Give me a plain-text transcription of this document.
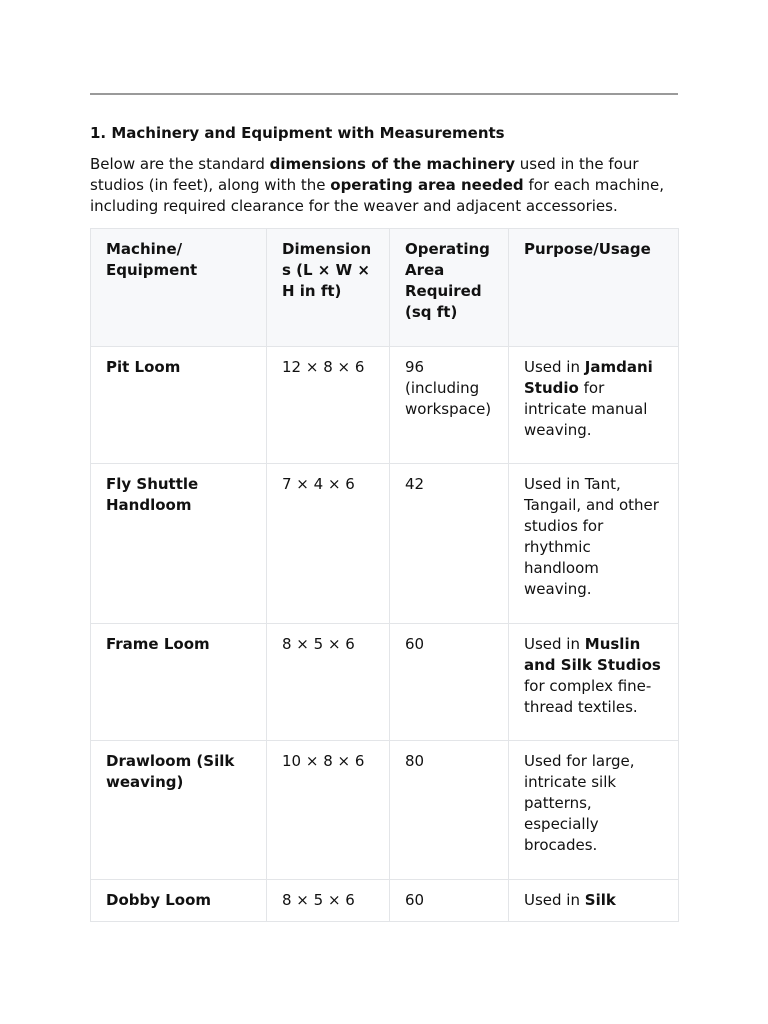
1. Machinery and Equipment with Measurements

Below are the standard dimensions of the machinery used in the four studios (in feet), along with the operating area needed for each machine, including required clearance for the weaver and adjacent accessories.

Machine/ Equipment	Dimensions (L × W × H in ft)	Operating Area Required (sq ft)	Purpose/Usage
Pit Loom	12 × 8 × 6	96 (including workspace)	Used in Jamdani Studio for intricate manual weaving.
Fly Shuttle Handloom	7 × 4 × 6	42	Used in Tant, Tangail, and other studios for rhythmic handloom weaving.
Frame Loom	8 × 5 × 6	60	Used in Muslin and Silk Studios for complex fine-thread textiles.
Drawloom (Silk weaving)	10 × 8 × 6	80	Used for large, intricate silk patterns, especially brocades.
Dobby Loom	8 × 5 × 6	60	Used in Silk
